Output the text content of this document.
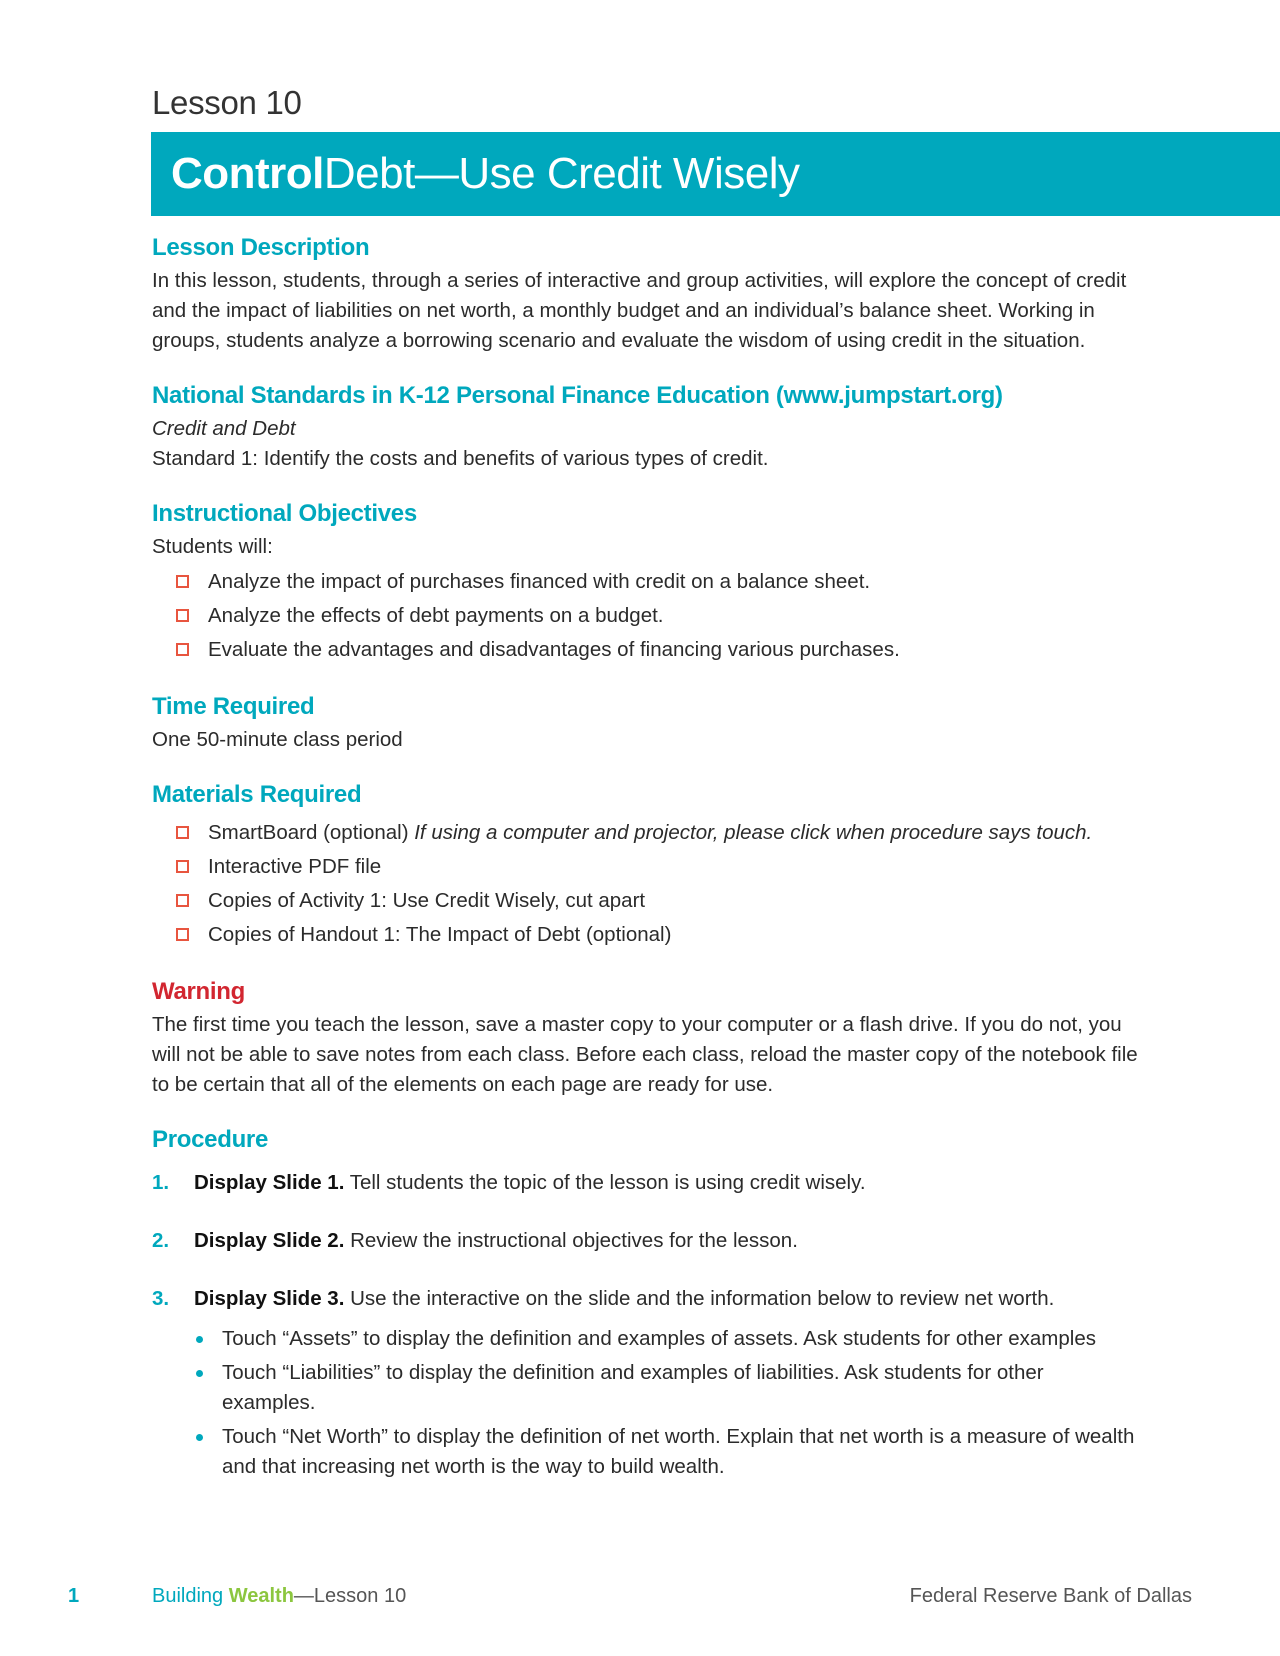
Lesson 10
Control Debt—Use Credit Wisely
Lesson Description

In this lesson, students, through a series of interactive and group activities, will explore the concept of credit and the impact of liabilities on net worth, a monthly budget and an individual’s balance sheet. Working in groups, students analyze a borrowing scenario and evaluate the wisdom of using credit in the situation.

National Standards in K-12 Personal Finance Education (www.jumpstart.org)

Credit and Debt

Standard 1: Identify the costs and benefits of various types of credit.

Instructional Objectives

Students will:

Analyze the impact of purchases financed with credit on a balance sheet.
Analyze the effects of debt payments on a budget.
Evaluate the advantages and disadvantages of financing various purchases.
Time Required

One 50-minute class period

Materials Required
SmartBoard (optional) If using a computer and projector, please click when procedure says touch.
Interactive PDF file
Copies of Activity 1: Use Credit Wisely, cut apart
Copies of Handout 1: The Impact of Debt (optional)
Warning

The first time you teach the lesson, save a master copy to your computer or a flash drive. If you do not, you will not be able to save notes from each class. Before each class, reload the master copy of the notebook file to be certain that all of the elements on each page are ready for use.

Procedure
1. Display Slide 1. Tell students the topic of the lesson is using credit wisely.
2. Display Slide 2. Review the instructional objectives for the lesson.
3. Display Slide 3. Use the interactive on the slide and the information below to review net worth.
Touch “Assets” to display the definition and examples of assets. Ask students for other examples
Touch “Liabilities” to display the definition and examples of liabilities. Ask students for other examples.
Touch “Net Worth” to display the definition of net worth. Explain that net worth is a measure of wealth and that increasing net worth is the way to build wealth.
1	Building Wealth—Lesson 10	Federal Reserve Bank of Dallas
